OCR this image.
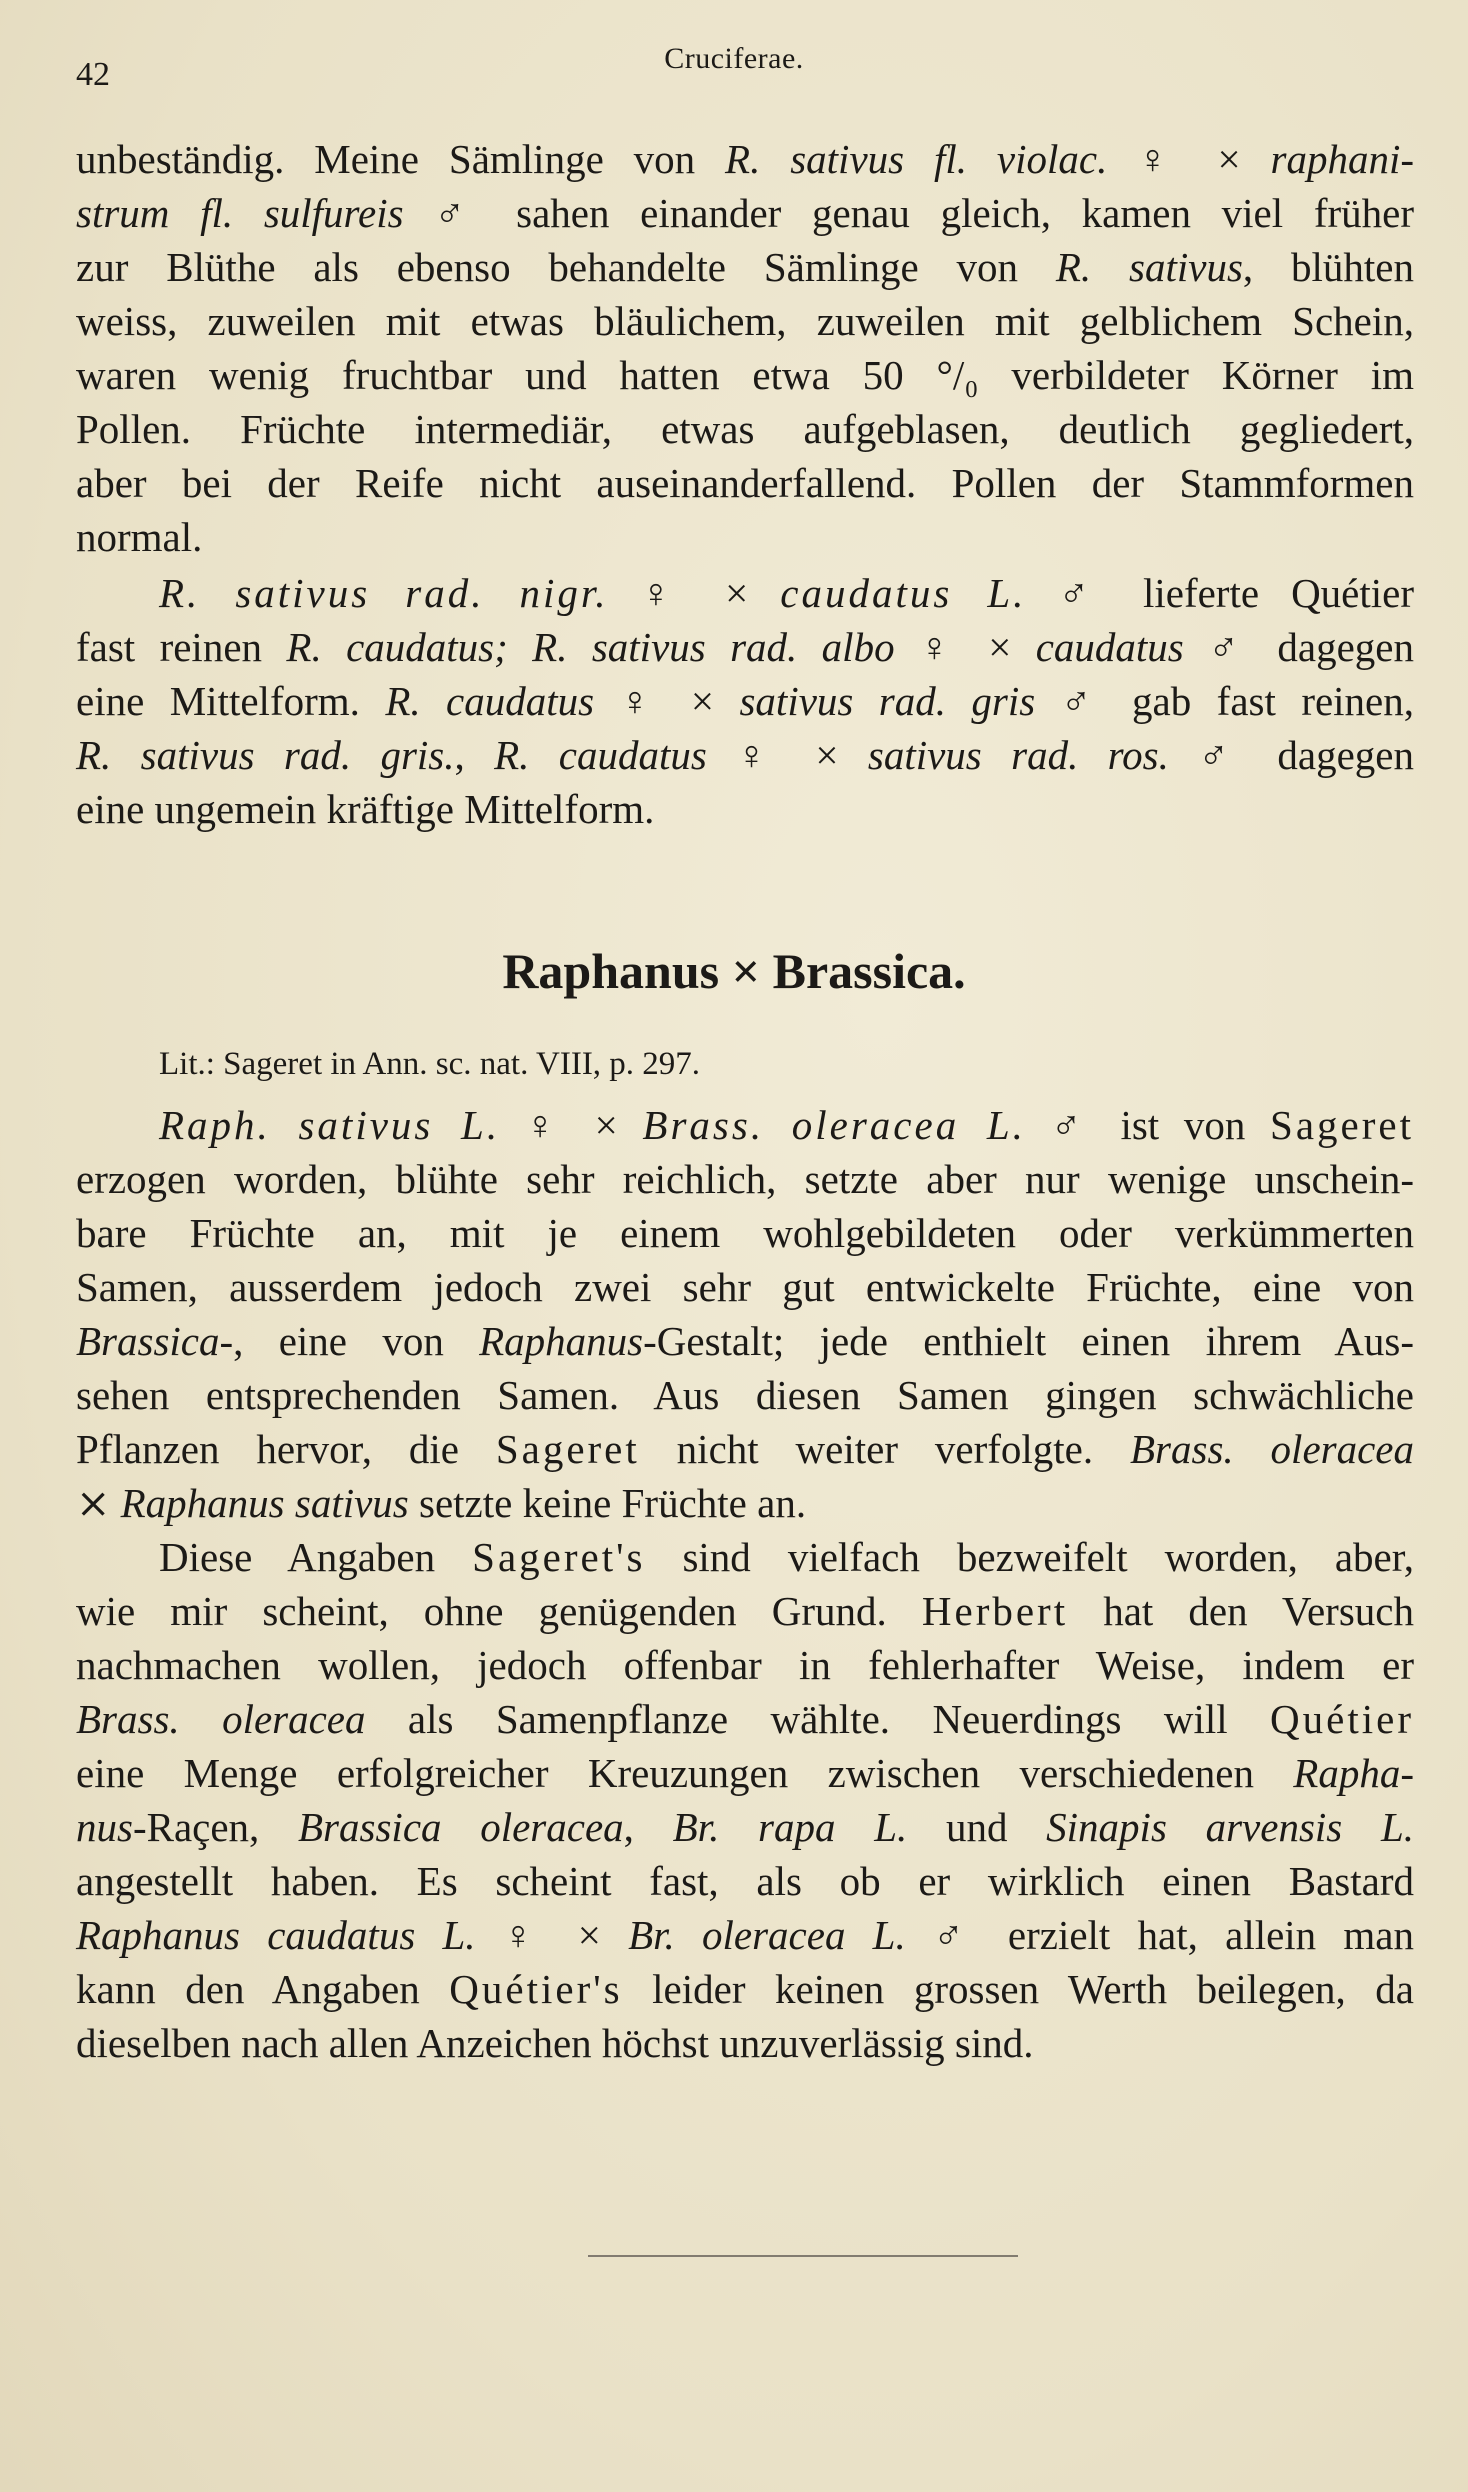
42	Cruciferae.
unbeständig. Meine Sämlinge von R. sativus fl. violac. ♀ × raphani-
strum fl. sulfureis ♂ sahen einander genau gleich, kamen viel früher
zur Blüthe als ebenso behandelte Sämlinge von R. sativus, blühten
weiss, zuweilen mit etwas bläulichem, zuweilen mit gelblichem Schein,
waren wenig fruchtbar und hatten etwa 50 °/₀ verbildeter Körner im
Pollen. Früchte intermediär, etwas aufgeblasen, deutlich gegliedert,
aber bei der Reife nicht auseinanderfallend. Pollen der Stammformen
normal.
R. sativus rad. nigr. ♀ × caudatus L. ♂ lieferte Quétier
fast reinen R. caudatus; R. sativus rad. albo ♀ × caudatus ♂ dagegen
eine Mittelform. R. caudatus ♀ × sativus rad. gris ♂ gab fast reinen,
R. sativus rad. gris., R. caudatus ♀ × sativus rad. ros. ♂ dagegen
eine ungemein kräftige Mittelform.
Raphanus × Brassica.
Lit.: Sageret in Ann. sc. nat. VIII, p. 297.
Raph. sativus L. ♀ × Brass. oleracea L. ♂ ist von Sageret
erzogen worden, blühte sehr reichlich, setzte aber nur wenige unschein-
bare Früchte an, mit je einem wohlgebildeten oder verkümmerten
Samen, ausserdem jedoch zwei sehr gut entwickelte Früchte, eine von
Brassica-, eine von Raphanus-Gestalt; jede enthielt einen ihrem Aus-
sehen entsprechenden Samen. Aus diesen Samen gingen schwächliche
Pflanzen hervor, die Sageret nicht weiter verfolgte. Brass. oleracea
⨯ Raphanus sativus setzte keine Früchte an.
Diese Angaben Sageret's sind vielfach bezweifelt worden, aber,
wie mir scheint, ohne genügenden Grund. Herbert hat den Versuch
nachmachen wollen, jedoch offenbar in fehlerhafter Weise, indem er
Brass. oleracea als Samenpflanze wählte. Neuerdings will Quétier
eine Menge erfolgreicher Kreuzungen zwischen verschiedenen Rapha-
nus-Raçen, Brassica oleracea, Br. rapa L. und Sinapis arvensis L.
angestellt haben. Es scheint fast, als ob er wirklich einen Bastard
Raphanus caudatus L. ♀ × Br. oleracea L. ♂ erzielt hat, allein man
kann den Angaben Quétier's leider keinen grossen Werth beilegen, da
dieselben nach allen Anzeichen höchst unzuverlässig sind.
